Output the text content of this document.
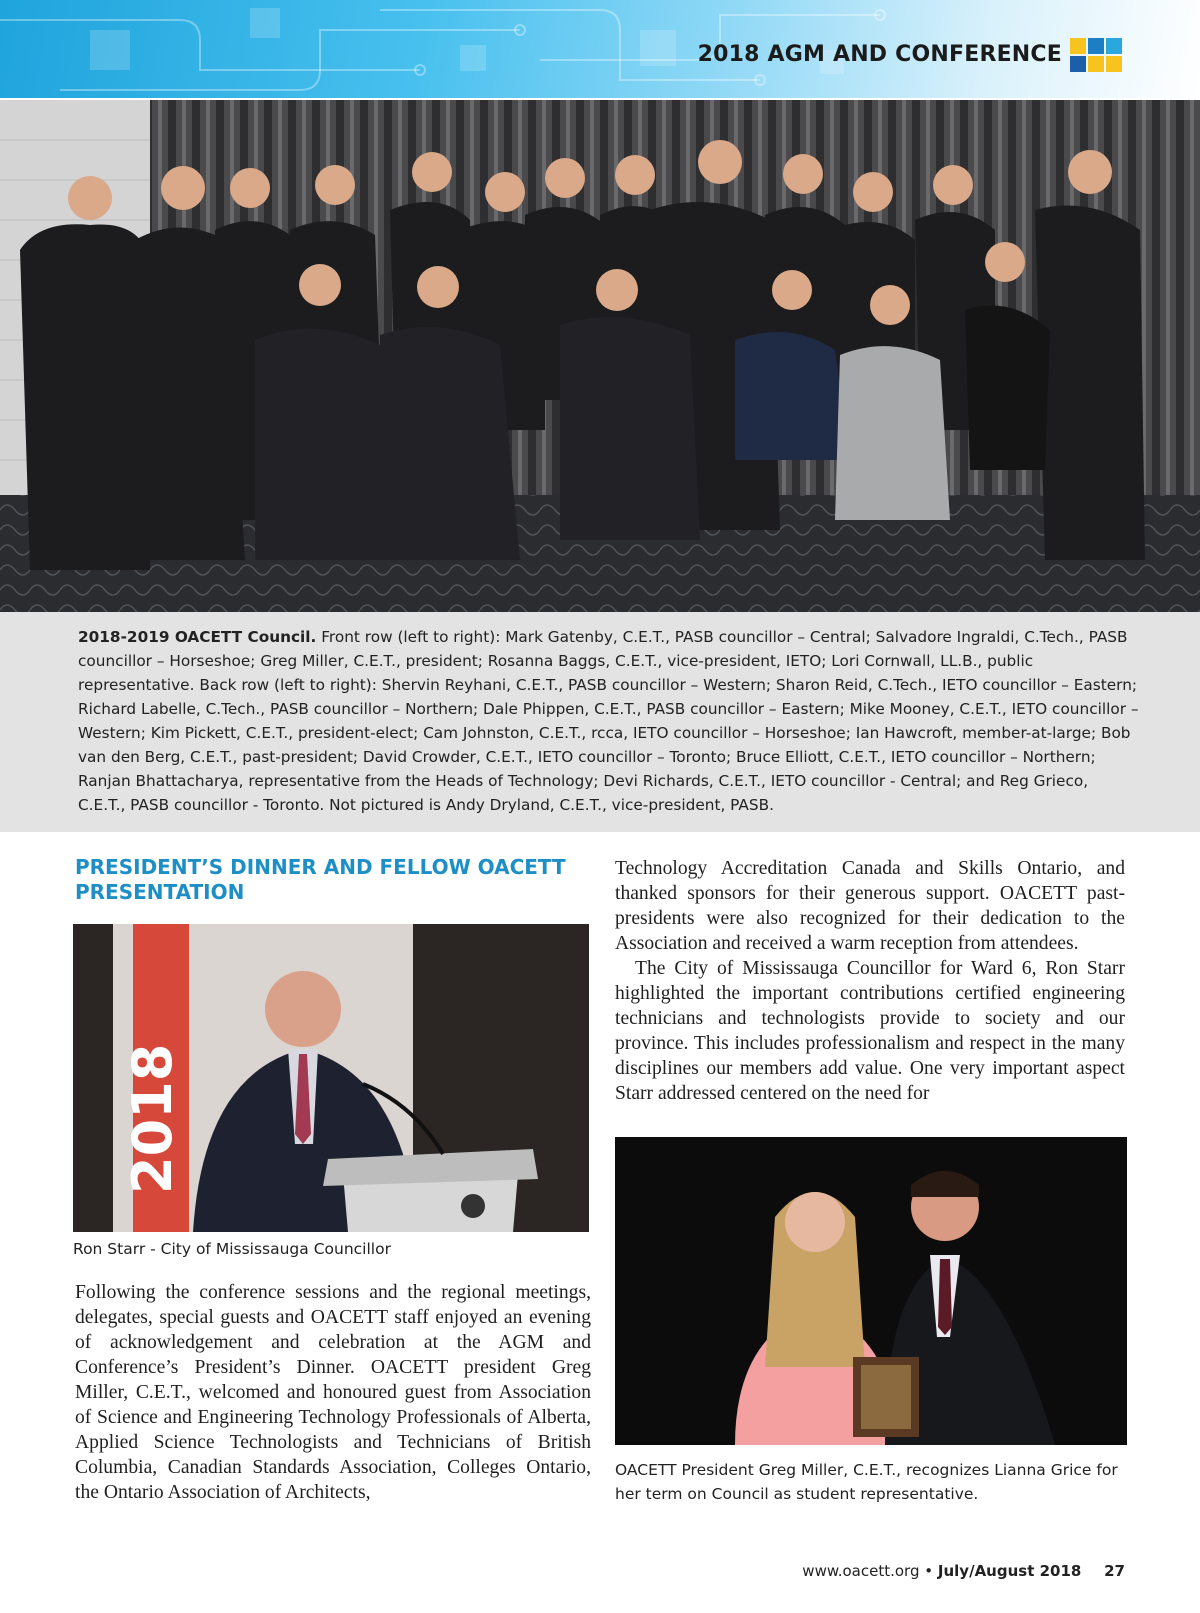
2018 AGM AND CONFERENCE
2018-2019 OACETT Council. Front row (left to right): Mark Gatenby, C.E.T., PASB councillor – Central; Salvadore Ingraldi, C.Tech., PASB councillor – Horseshoe; Greg Miller, C.E.T., president; Rosanna Baggs, C.E.T., vice-president, IETO; Lori Cornwall, LL.B., public representative. Back row (left to right): Shervin Reyhani, C.E.T., PASB councillor – Western; Sharon Reid, C.Tech., IETO councillor – Eastern; Richard Labelle, C.Tech., PASB councillor – Northern; Dale Phippen, C.E.T., PASB councillor – Eastern; Mike Mooney, C.E.T., IETO councillor – Western; Kim Pickett, C.E.T., president-elect; Cam Johnston, C.E.T., rcca, IETO councillor – Horseshoe; Ian Hawcroft, member-at-large; Bob van den Berg, C.E.T., past-president; David Crowder, C.E.T., IETO councillor – Toronto; Bruce Elliott, C.E.T., IETO councillor – Northern; Ranjan Bhattacharya, representative from the Heads of Technology; Devi Richards, C.E.T., IETO councillor - Central; and Reg Grieco, C.E.T., PASB councillor - Toronto. Not pictured is Andy Dryland, C.E.T., vice-president, PASB.
PRESIDENT’S DINNER AND FELLOW OACETT
PRESENTATION
2018
Ron Starr - City of Mississauga Councillor

Following the conference sessions and the regional meetings, delegates, special guests and OACETT staff enjoyed an evening of acknowledgement and celebration at the AGM and Conference’s President’s Dinner. OACETT president Greg Miller, C.E.T., welcomed and honoured guest from Association of Science and Engineering Technology Professionals of Alberta, Applied Science Technologists and Technicians of British Columbia, Canadian Standards Association, Colleges Ontario, the Ontario Association of Architects,

Technology Accreditation Canada and Skills Ontario, and thanked sponsors for their generous support. OACETT past-presidents were also recognized for their dedication to the Association and received a warm reception from attendees.

The City of Mississauga Councillor for Ward 6, Ron Starr highlighted the important contributions certified engineering technicians and technologists provide to society and our province. This includes professionalism and respect in the many disciplines our members add value. One very important aspect Starr addressed centered on the need for

OACETT President Greg Miller, C.E.T., recognizes Lianna Grice for her term on Council as student representative.
www.oacett.org • July/August 2018 27
